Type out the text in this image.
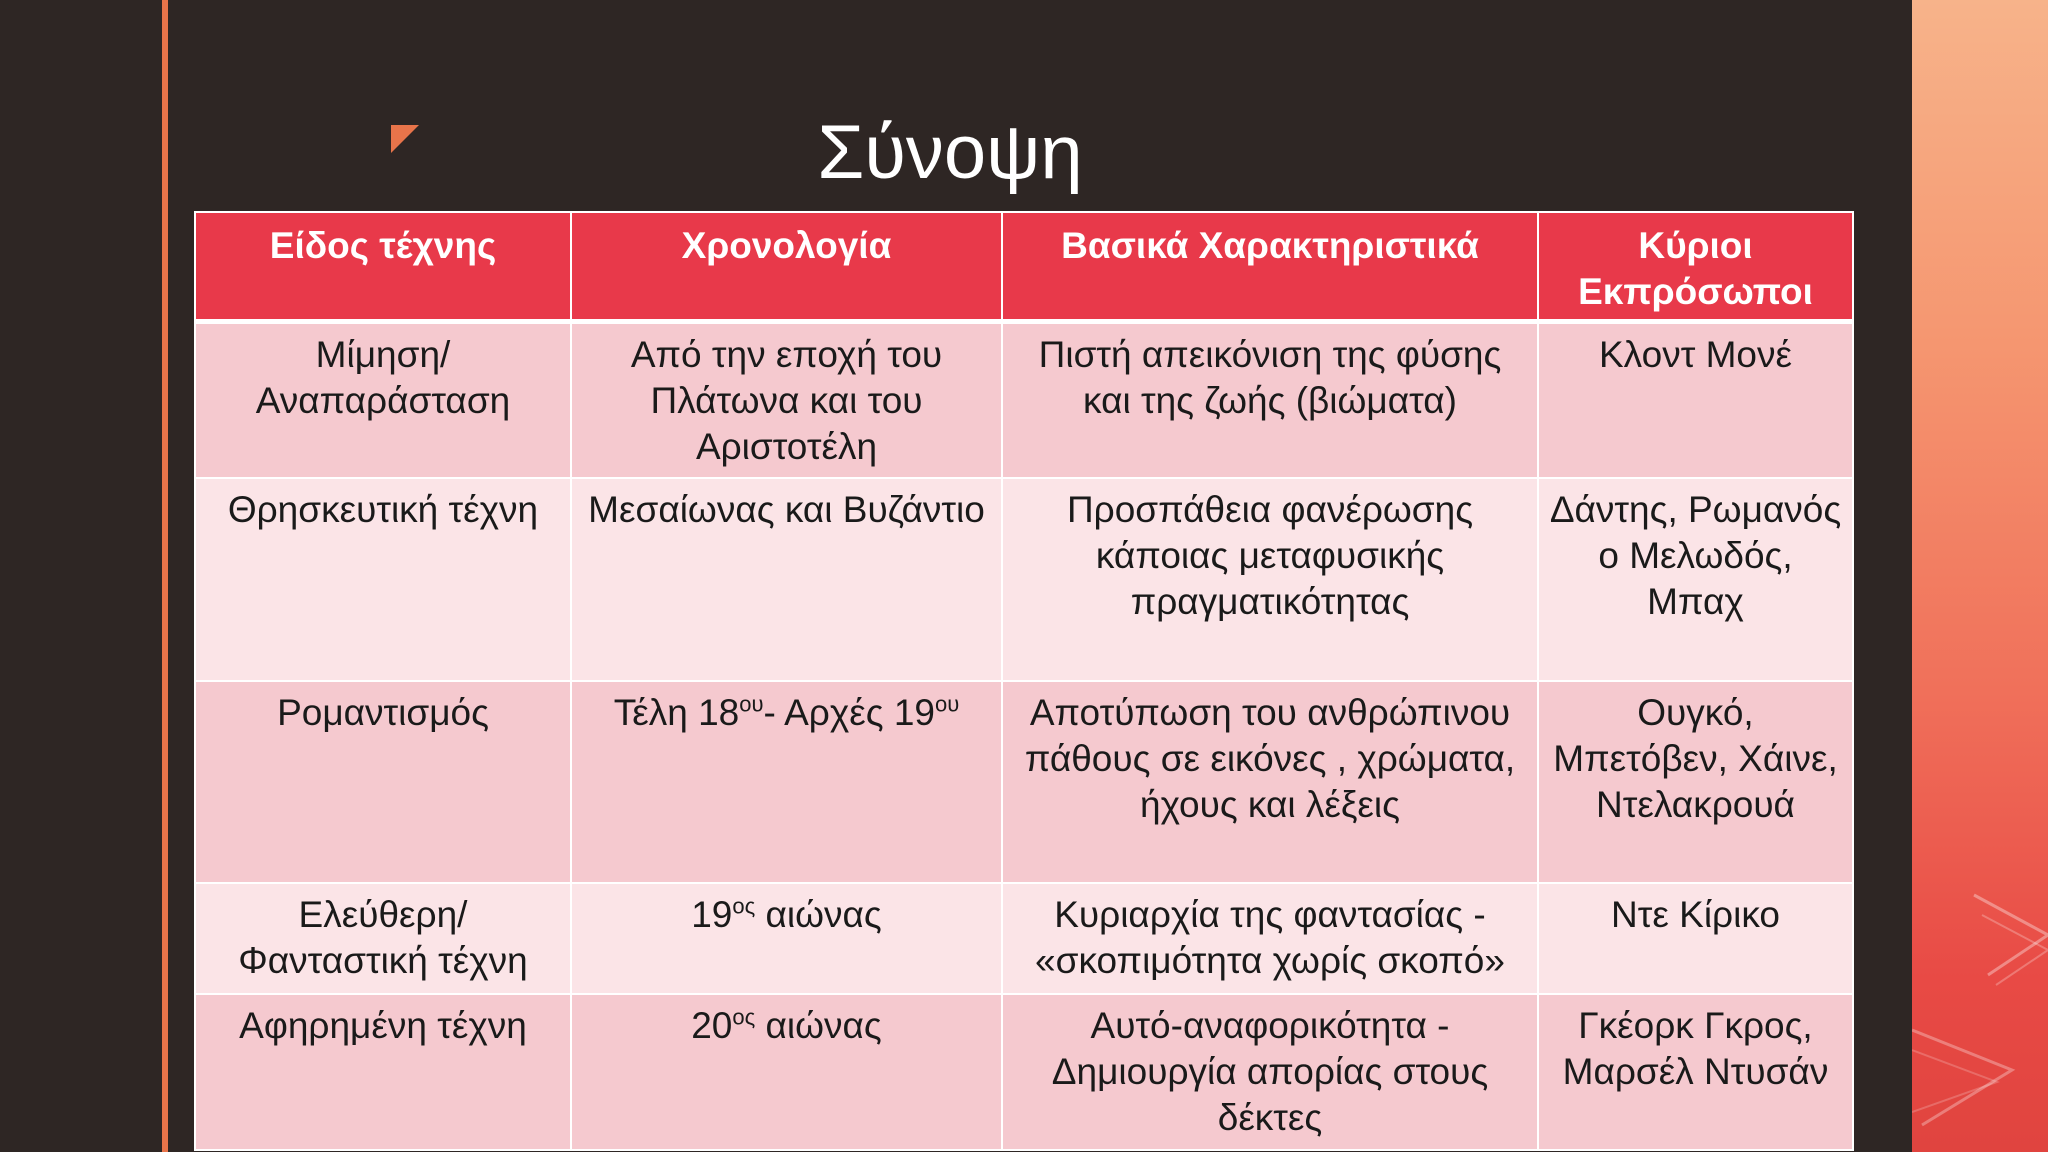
Σύνοψη
Είδος τέχνης	Χρονολογία	Βασικά Χαρακτηριστικά	Κύριοι Εκπρόσωποι
Μίμηση/
Αναπαράσταση	Από την εποχή του Πλάτωνα και του Αριστοτέλη	Πιστή απεικόνιση της φύσης και της ζωής (βιώματα)	Κλοντ Μονέ
Θρησκευτική τέχνη	Μεσαίωνας και Βυζάντιο	Προσπάθεια φανέρωσης κάποιας μεταφυσικής πραγματικότητας	Δάντης, Ρωμανός ο Μελωδός, Μπαχ
Ρομαντισμός	Τέλη $18^{o\upsilon}-$ Αρχές $19^{o\upsilon}$	Αποτύπωση του ανθρώπινου πάθους σε εικόνες , χρώματα, ήχους και λέξεις	Ουγκό, Μπετόβεν, Χάινε, Ντελακρουά
Ελεύθερη/
Φανταστική τέχνη	$19^{o\varsigma}$ αιώνας	Κυριαρχία της φαντασίας - «σκοπιμότητα χωρίς σκοπό»	Ντε Κίρικο
Αφηρημένη τέχνη	$20^{o\varsigma}$ αιώνας	Αυτό-αναφορικότητα - Δημιουργία απορίας στους δέκτες	Γκέορκ Γκρος, Μαρσέλ Ντυσάν
